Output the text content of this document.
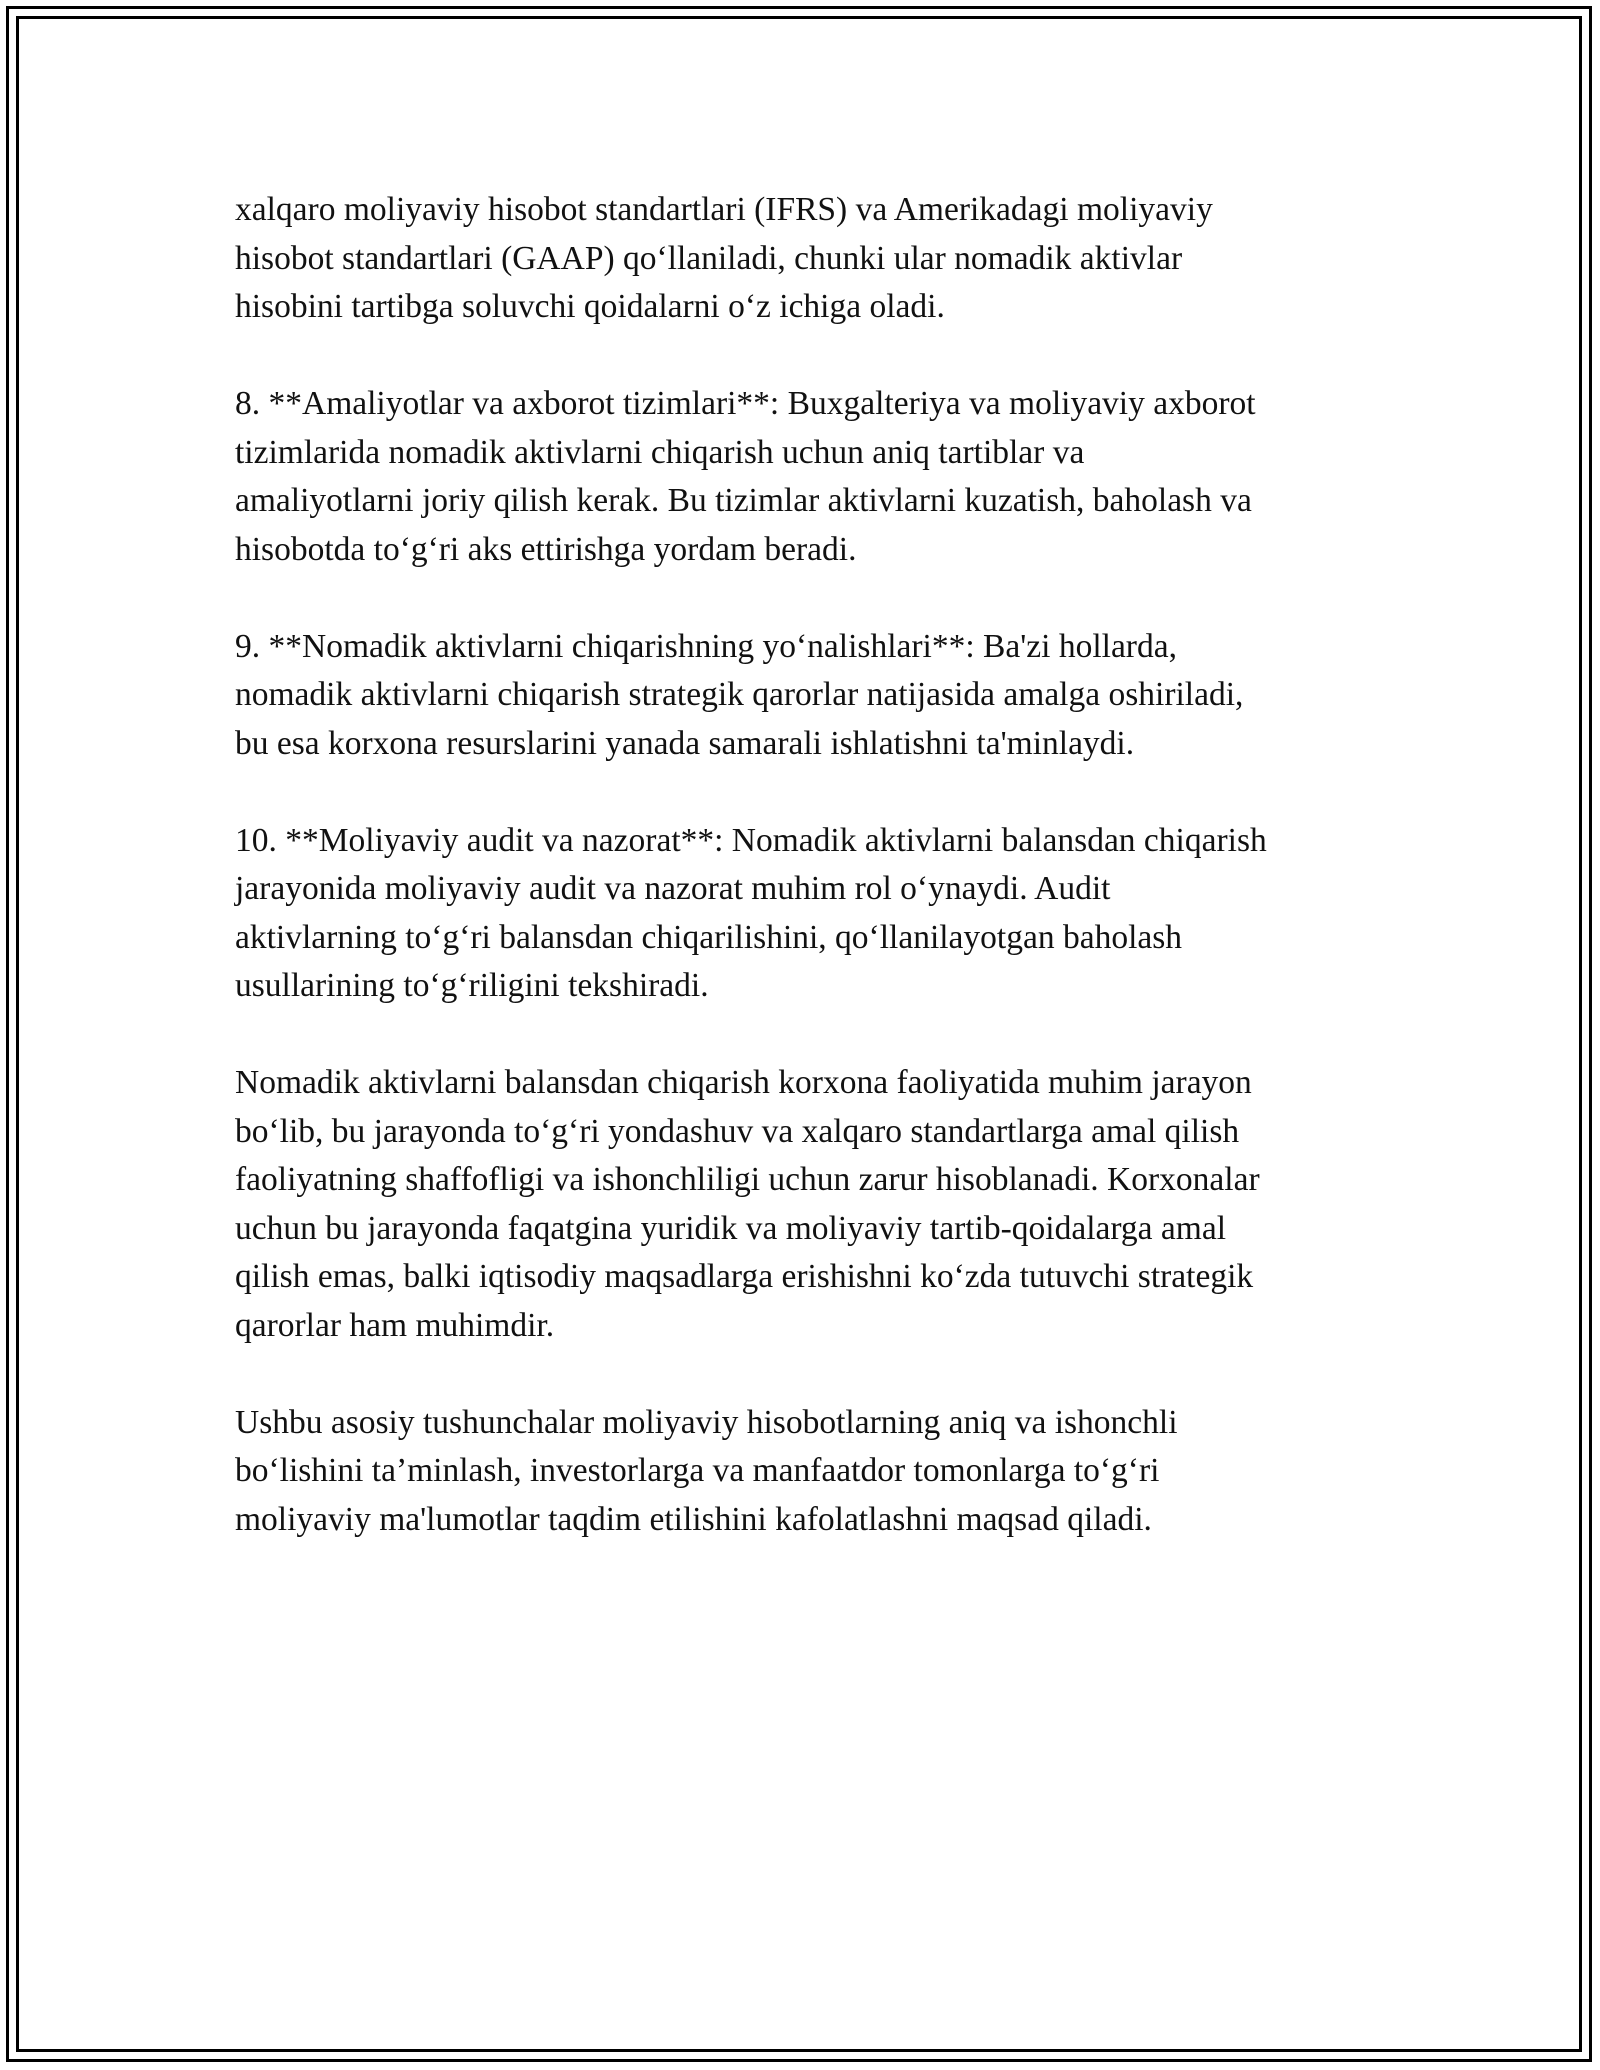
xalqaro moliyaviy hisobot standartlari (IFRS) va Amerikadagi moliyaviy
hisobot standartlari (GAAP) qo‘llaniladi, chunki ular nomadik aktivlar
hisobini tartibga soluvchi qoidalarni o‘z ichiga oladi.

8. **Amaliyotlar va axborot tizimlari**: Buxgalteriya va moliyaviy axborot
tizimlarida nomadik aktivlarni chiqarish uchun aniq tartiblar va
amaliyotlarni joriy qilish kerak. Bu tizimlar aktivlarni kuzatish, baholash va
hisobotda to‘g‘ri aks ettirishga yordam beradi.

9. **Nomadik aktivlarni chiqarishning yo‘nalishlari**: Ba'zi hollarda,
nomadik aktivlarni chiqarish strategik qarorlar natijasida amalga oshiriladi,
bu esa korxona resurslarini yanada samarali ishlatishni ta'minlaydi.

10. **Moliyaviy audit va nazorat**: Nomadik aktivlarni balansdan chiqarish
jarayonida moliyaviy audit va nazorat muhim rol o‘ynaydi. Audit
aktivlarning to‘g‘ri balansdan chiqarilishini, qo‘llanilayotgan baholash
usullarining to‘g‘riligini tekshiradi.

Nomadik aktivlarni balansdan chiqarish korxona faoliyatida muhim jarayon
bo‘lib, bu jarayonda to‘g‘ri yondashuv va xalqaro standartlarga amal qilish
faoliyatning shaffofligi va ishonchliligi uchun zarur hisoblanadi. Korxonalar
uchun bu jarayonda faqatgina yuridik va moliyaviy tartib-qoidalarga amal
qilish emas, balki iqtisodiy maqsadlarga erishishni ko‘zda tutuvchi strategik
qarorlar ham muhimdir.

Ushbu asosiy tushunchalar moliyaviy hisobotlarning aniq va ishonchli
bo‘lishini ta’minlash, investorlarga va manfaatdor tomonlarga to‘g‘ri
moliyaviy ma'lumotlar taqdim etilishini kafolatlashni maqsad qiladi.
